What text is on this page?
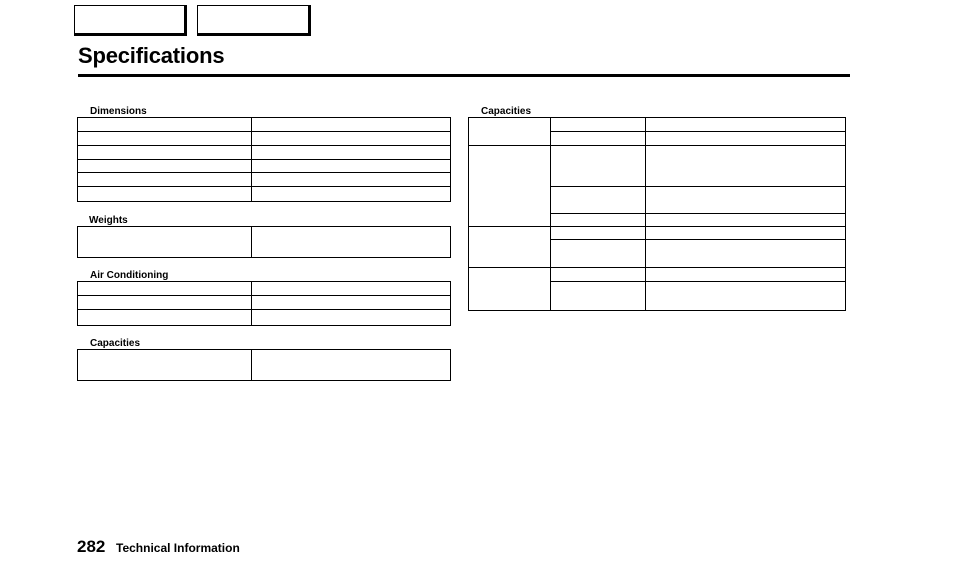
Specifications
Dimensions

Weights

Air Conditioning

Capacities

Capacities

282 Technical Information
